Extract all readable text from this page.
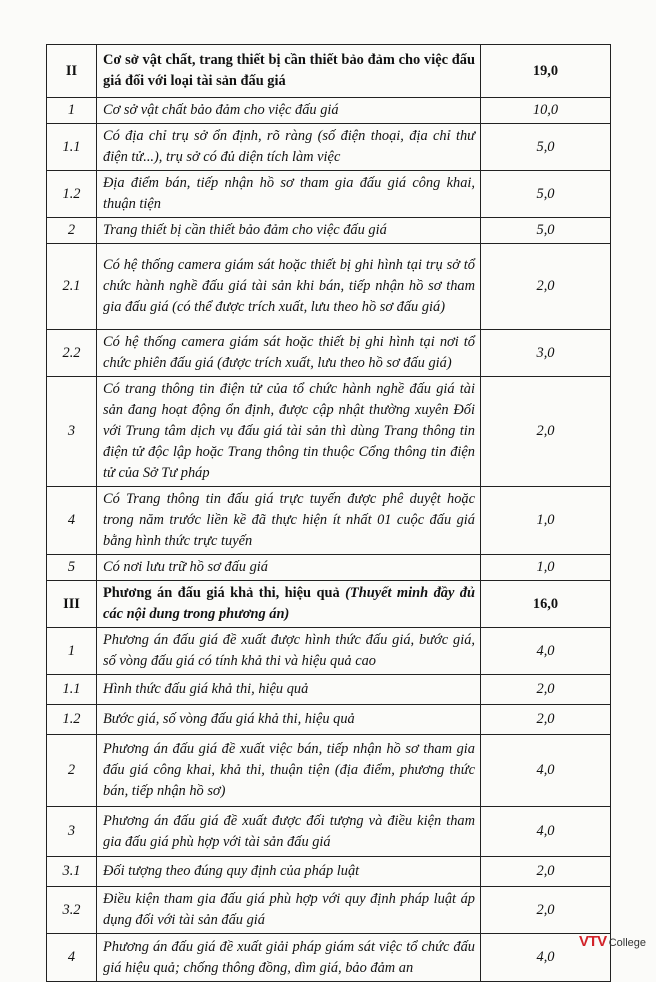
II	Cơ sở vật chất, trang thiết bị cần thiết bảo đảm cho việc đấu giá đối với loại tài sản đấu giá	19,0
1	Cơ sở vật chất bảo đảm cho việc đấu giá	10,0
1.1	Có địa chỉ trụ sở ổn định, rõ ràng (số điện thoại, địa chỉ thư điện tử...), trụ sở có đủ diện tích làm việc	5,0
1.2	Địa điểm bán, tiếp nhận hồ sơ tham gia đấu giá công khai, thuận tiện	5,0
2	Trang thiết bị cần thiết bảo đảm cho việc đấu giá	5,0
2.1	Có hệ thống camera giám sát hoặc thiết bị ghi hình tại trụ sở tổ chức hành nghề đấu giá tài sản khi bán, tiếp nhận hồ sơ tham gia đấu giá (có thể được trích xuất, lưu theo hồ sơ đấu giá)	2,0
2.2	Có hệ thống camera giám sát hoặc thiết bị ghi hình tại nơi tổ chức phiên đấu giá (được trích xuất, lưu theo hồ sơ đấu giá)	3,0
3	Có trang thông tin điện tử của tổ chức hành nghề đấu giá tài sản đang hoạt động ổn định, được cập nhật thường xuyên Đối với Trung tâm dịch vụ đấu giá tài sản thì dùng Trang thông tin điện tử độc lập hoặc Trang thông tin thuộc Cổng thông tin điện tử của Sở Tư pháp	2,0
4	Có Trang thông tin đấu giá trực tuyến được phê duyệt hoặc trong năm trước liền kề đã thực hiện ít nhất 01 cuộc đấu giá bằng hình thức trực tuyến	1,0
5	Có nơi lưu trữ hồ sơ đấu giá	1,0
III	Phương án đấu giá khả thi, hiệu quả (Thuyết minh đầy đủ các nội dung trong phương án)	16,0
1	Phương án đấu giá đề xuất được hình thức đấu giá, bước giá, số vòng đấu giá có tính khả thi và hiệu quả cao	4,0
1.1	Hình thức đấu giá khả thi, hiệu quả	2,0
1.2	Bước giá, số vòng đấu giá khả thi, hiệu quả	2,0
2	Phương án đấu giá đề xuất việc bán, tiếp nhận hồ sơ tham gia đấu giá công khai, khả thi, thuận tiện (địa điểm, phương thức bán, tiếp nhận hồ sơ)	4,0
3	Phương án đấu giá đề xuất được đối tượng và điều kiện tham gia đấu giá phù hợp với tài sản đấu giá	4,0
3.1	Đối tượng theo đúng quy định của pháp luật	2,0
3.2	Điều kiện tham gia đấu giá phù hợp với quy định pháp luật áp dụng đối với tài sản đấu giá	2,0
4	Phương án đấu giá đề xuất giải pháp giám sát việc tổ chức đấu giá hiệu quả; chống thông đồng, dìm giá, bảo đảm an	4,0
VTV College
